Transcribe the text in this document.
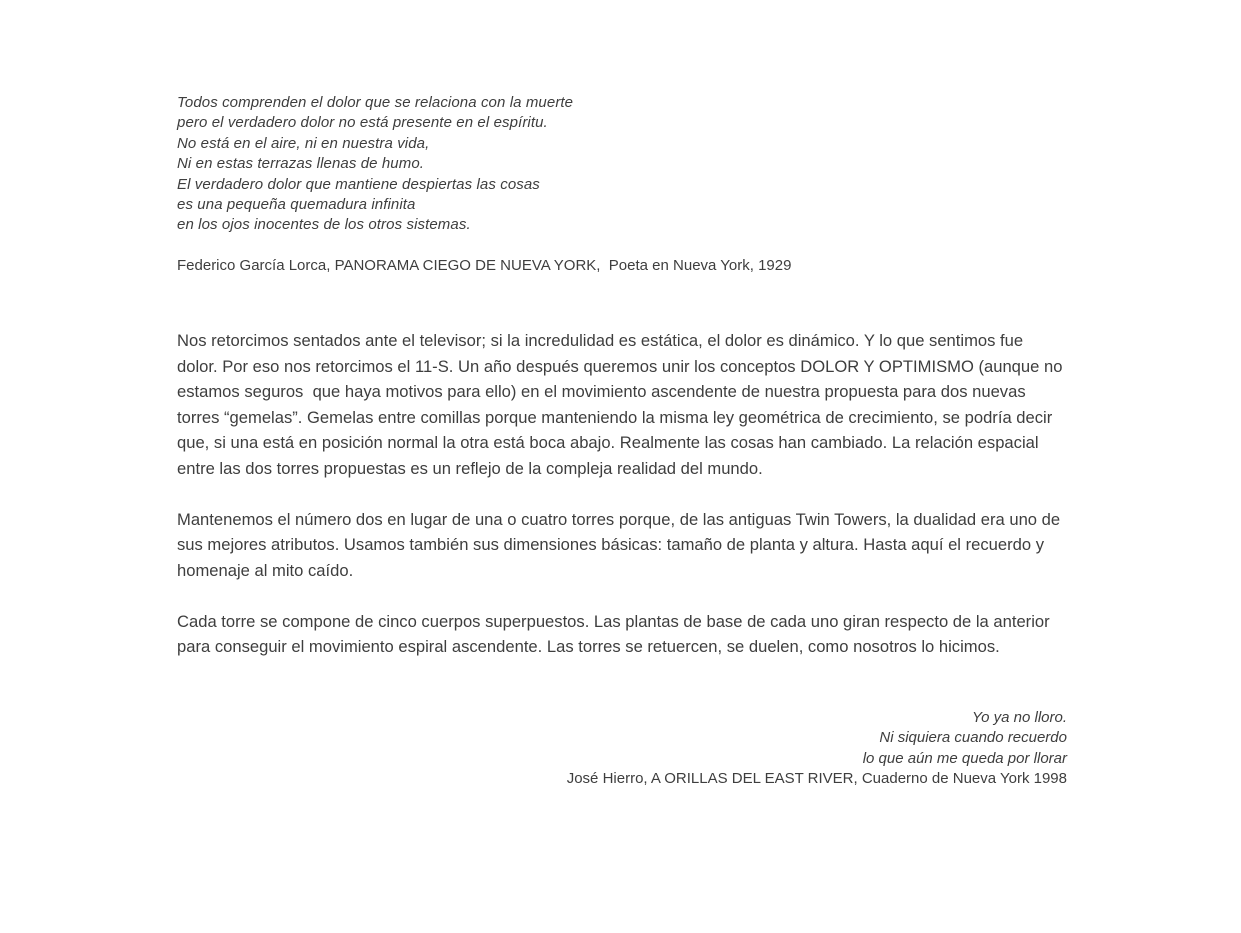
Todos comprenden el dolor que se relaciona con la muerte
pero el verdadero dolor no está presente en el espíritu.
No está en el aire, ni en nuestra vida,
Ni en estas terrazas llenas de humo.
El verdadero dolor que mantiene despiertas las cosas
es una pequeña quemadura infinita
en los ojos inocentes de los otros sistemas.
Federico García Lorca, PANORAMA CIEGO DE NUEVA YORK,  Poeta en Nueva York, 1929

Nos retorcimos sentados ante el televisor; si la incredulidad es estática, el dolor es dinámico. Y lo que sentimos fue dolor. Por eso nos retorcimos el 11-S. Un año después queremos unir los conceptos DOLOR Y OPTIMISMO (aunque no estamos seguros  que haya motivos para ello) en el movimiento ascendente de nuestra propuesta para dos nuevas torres “gemelas”. Gemelas entre comillas porque manteniendo la misma ley geométrica de crecimiento, se podría decir que, si una está en posición normal la otra está boca abajo. Realmente las cosas han cambiado. La relación espacial entre las dos torres propuestas es un reflejo de la compleja realidad del mundo.

Mantenemos el número dos en lugar de una o cuatro torres porque, de las antiguas Twin Towers, la dualidad era uno de sus mejores atributos. Usamos también sus dimensiones básicas: tamaño de planta y altura. Hasta aquí el recuerdo y homenaje al mito caído.

Cada torre se compone de cinco cuerpos superpuestos. Las plantas de base de cada uno giran respecto de la anterior para conseguir el movimiento espiral ascendente. Las torres se retuercen, se duelen, como nosotros lo hicimos.

Yo ya no lloro.
Ni siquiera cuando recuerdo
lo que aún me queda por llorar
José Hierro, A ORILLAS DEL EAST RIVER, Cuaderno de Nueva York 1998
